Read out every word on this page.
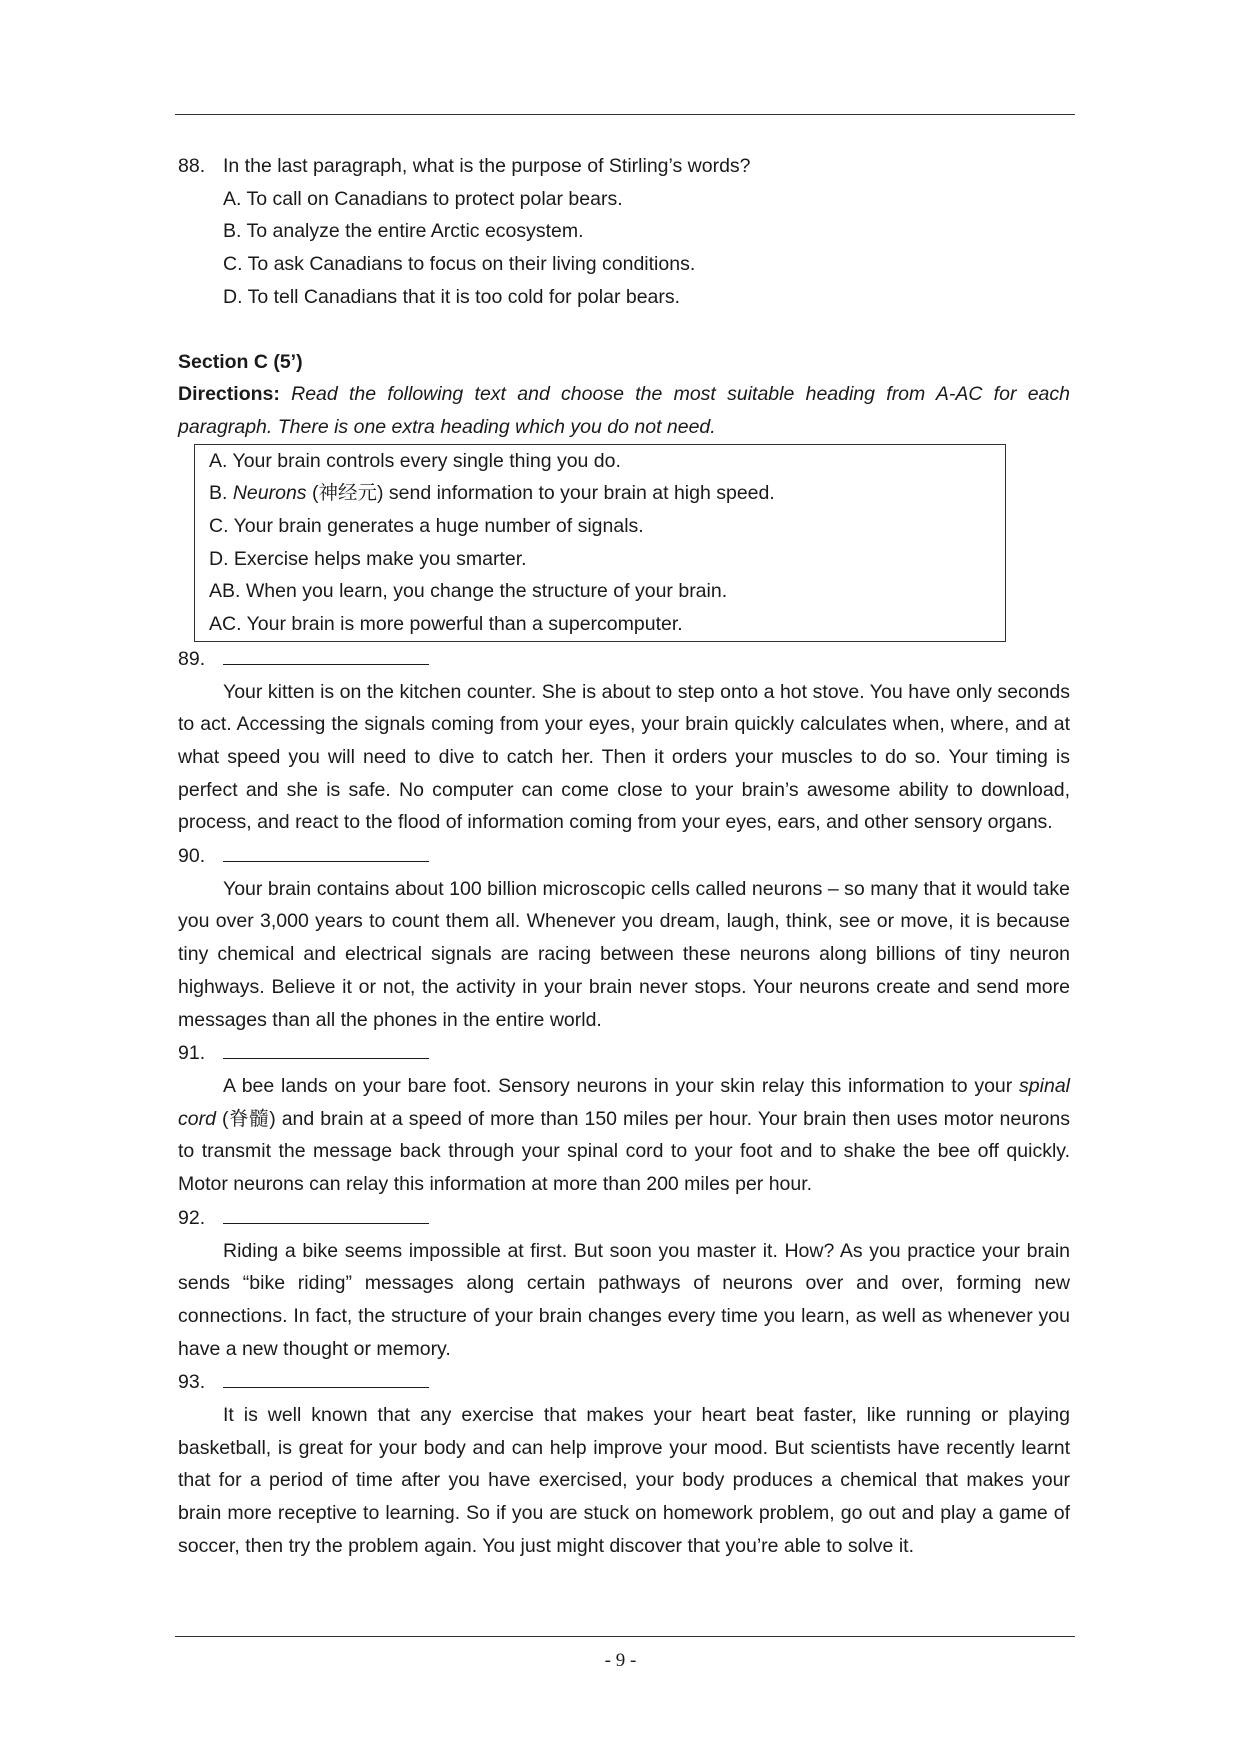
88. In the last paragraph, what is the purpose of Stirling’s words?
A. To call on Canadians to protect polar bears.
B. To analyze the entire Arctic ecosystem.
C. To ask Canadians to focus on their living conditions.
D. To tell Canadians that it is too cold for polar bears.
Section C (5’)
Directions: Read the following text and choose the most suitable heading from A-AC for each paragraph. There is one extra heading which you do not need.
A. Your brain controls every single thing you do.
B. Neurons (神经元) send information to your brain at high speed.
C. Your brain generates a huge number of signals.
D. Exercise helps make you smarter.
AB. When you learn, you change the structure of your brain.
AC. Your brain is more powerful than a supercomputer.
89.
Your kitten is on the kitchen counter. She is about to step onto a hot stove. You have only seconds to act. Accessing the signals coming from your eyes, your brain quickly calculates when, where, and at what speed you will need to dive to catch her. Then it orders your muscles to do so. Your timing is perfect and she is safe. No computer can come close to your brain’s awesome ability to download, process, and react to the flood of information coming from your eyes, ears, and other sensory organs.
90.
Your brain contains about 100 billion microscopic cells called neurons – so many that it would take you over 3,000 years to count them all. Whenever you dream, laugh, think, see or move, it is because tiny chemical and electrical signals are racing between these neurons along billions of tiny neuron highways. Believe it or not, the activity in your brain never stops. Your neurons create and send more messages than all the phones in the entire world.
91.
A bee lands on your bare foot. Sensory neurons in your skin relay this information to your spinal cord (脊髓) and brain at a speed of more than 150 miles per hour. Your brain then uses motor neurons to transmit the message back through your spinal cord to your foot and to shake the bee off quickly. Motor neurons can relay this information at more than 200 miles per hour.
92.
Riding a bike seems impossible at first. But soon you master it. How? As you practice your brain sends “bike riding” messages along certain pathways of neurons over and over, forming new connections. In fact, the structure of your brain changes every time you learn, as well as whenever you have a new thought or memory.
93.
It is well known that any exercise that makes your heart beat faster, like running or playing basketball, is great for your body and can help improve your mood. But scientists have recently learnt that for a period of time after you have exercised, your body produces a chemical that makes your brain more receptive to learning. So if you are stuck on homework problem, go out and play a game of soccer, then try the problem again. You just might discover that you’re able to solve it.
- 9 -
